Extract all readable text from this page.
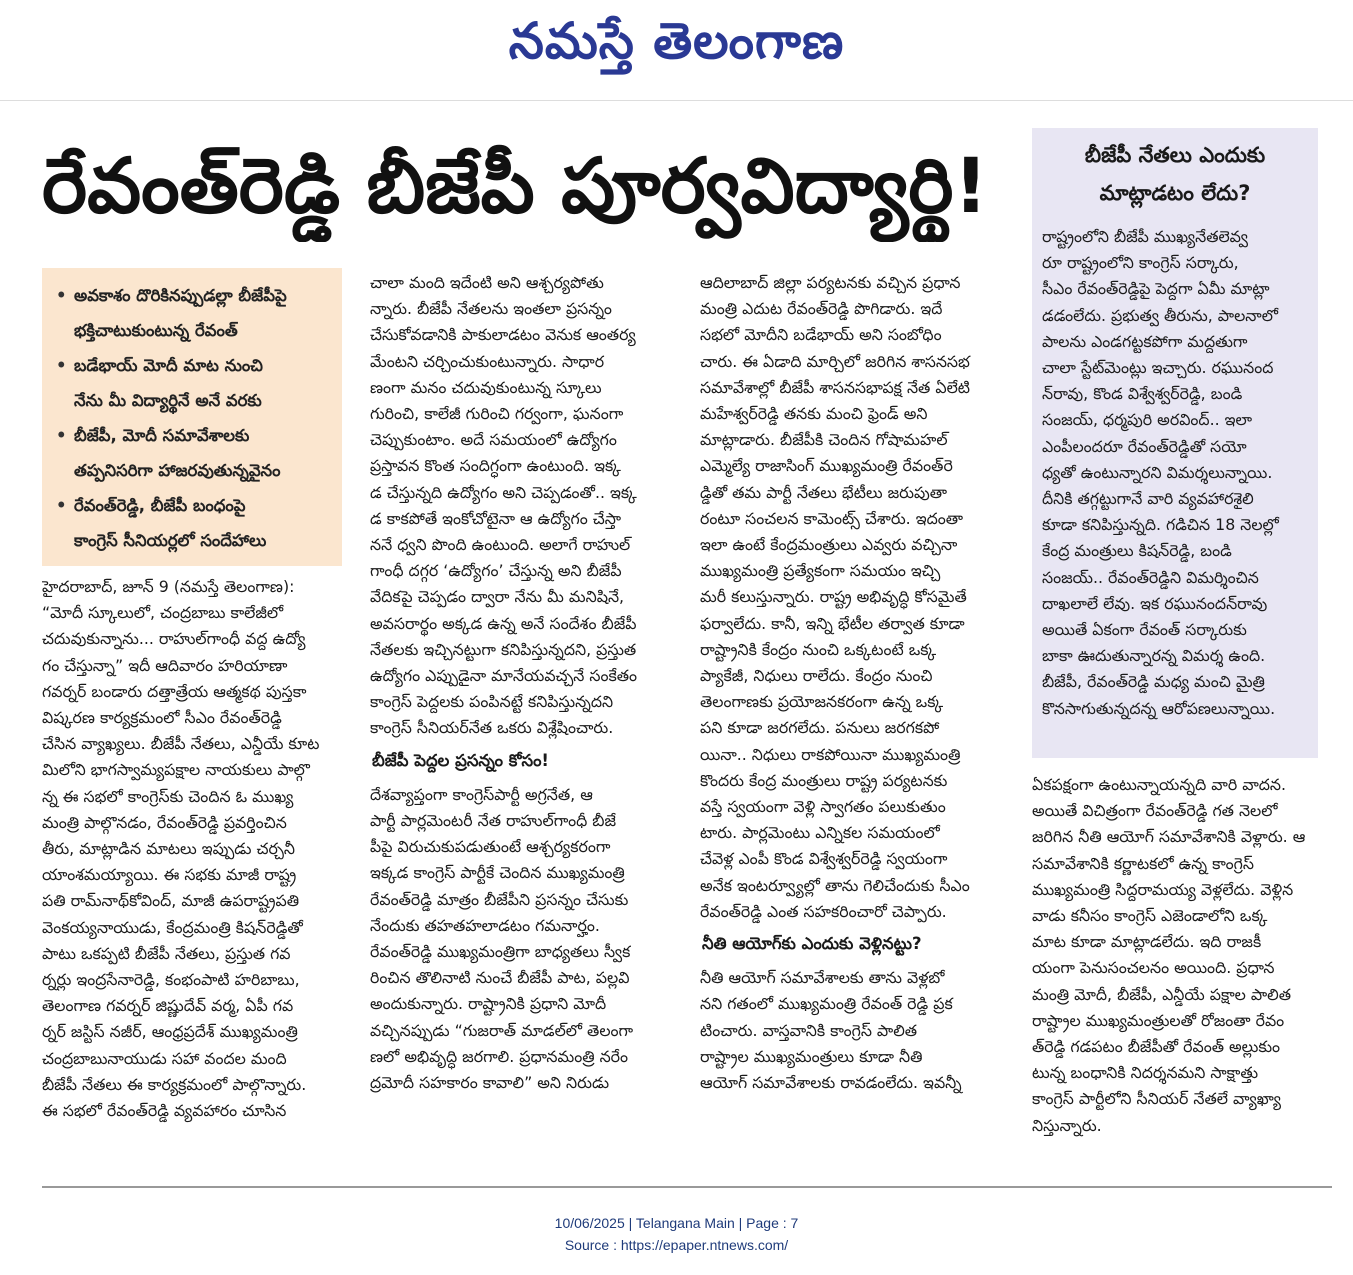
నమస్తే తెలంగాణ
రేవంత్‌రెడ్డి బీజేపీ పూర్వవిద్యార్థి!
• అవకాశం దొరికినప్పుడల్లా బీజేపీపై
భక్తిచాటుకుంటున్న రేవంత్
• బడేభాయ్ మోదీ మాట నుంచి
నేను మీ విద్యార్థినే అనే వరకు
• బీజేపీ, మోదీ సమావేశాలకు
తప్పనిసరిగా హాజరవుతున్నవైనం
• రేవంత్‌రెడ్డి, బీజేపీ బంధంపై
కాంగ్రెస్ సీనియర్లలో సందేహాలు
హైదరాబాద్, జూన్ 9 (నమస్తే తెలంగాణ):
“మోదీ స్కూలులో, చంద్రబాబు కాలేజీలో
చదువుకున్నాను... రాహుల్‌గాంధీ వద్ద ఉద్యో
గం చేస్తున్నా” ఇదీ ఆదివారం హరియాణా
గవర్నర్ బండారు దత్తాత్రేయ ఆత్మకథ పుస్తకా
విష్కరణ కార్యక్రమంలో సీఎం రేవంత్‌రెడ్డి
చేసిన వ్యాఖ్యలు. బీజేపీ నేతలు, ఎన్డీయే కూట
మిలోని భాగస్వామ్యపక్షాల నాయకులు పాల్గొ
న్న ఈ సభలో కాంగ్రెస్‌కు చెందిన ఓ ముఖ్య
మంత్రి పాల్గొనడం, రేవంత్‌రెడ్డి ప్రవర్తించిన
తీరు, మాట్లాడిన మాటలు ఇప్పుడు చర్చనీ
యాంశమయ్యాయి. ఈ సభకు మాజీ రాష్ట్ర
పతి రామ్‌నాథ్‌కోవింద్, మాజీ ఉపరాష్ట్రపతి
వెంకయ్యనాయుడు, కేంద్రమంత్రి కిషన్‌రెడ్డితో
పాటు ఒకప్పటి బీజేపీ నేతలు, ప్రస్తుత గవ
ర్నర్లు ఇంద్రసేనారెడ్డి, కంభంపాటి హరిబాబు,
తెలంగాణ గవర్నర్ జిష్ణుదేవ్ వర్మ, ఏపీ గవ
ర్నర్ జస్టిస్ నజీర్, ఆంధ్రప్రదేశ్ ముఖ్యమంత్రి
చంద్రబాబునాయుడు సహా వందల మంది
బీజేపీ నేతలు ఈ కార్యక్రమంలో పాల్గొన్నారు.
ఈ సభలో రేవంత్‌రెడ్డి వ్యవహారం చూసిన
చాలా మంది ఇదేంటి అని ఆశ్చర్యపోతు
న్నారు. బీజేపీ నేతలను ఇంతలా ప్రసన్నం
చేసుకోవడానికి పాకులాడటం వెనుక ఆంతర్య
మేంటని చర్చించుకుంటున్నారు. సాధార
ణంగా మనం చదువుకుంటున్న స్కూలు
గురించి, కాలేజీ గురించి గర్వంగా, ఘనంగా
చెప్పుకుంటాం. అదే సమయంలో ఉద్యోగం
ప్రస్తావన కొంత సందిగ్ధంగా ఉంటుంది. ఇక్క
డ చేస్తున్నది ఉద్యోగం అని చెప్పడంతో.. ఇక్క
డ కాకపోతే ఇంకోచోటైనా ఆ ఉద్యోగం చేస్తా
ననే ధ్వని పొంది ఉంటుంది. అలాగే రాహుల్
గాంధీ దగ్గర ‘ఉద్యోగం’ చేస్తున్న అని బీజేపీ
వేదికపై చెప్పడం ద్వారా నేను మీ మనిషినే,
అవసరార్థం అక్కడ ఉన్న అనే సందేశం బీజేపీ
నేతలకు ఇచ్చినట్టుగా కనిపిస్తున్నదని, ప్రస్తుత
ఉద్యోగం ఎప్పుడైనా మానేయవచ్చనే సంకేతం
కాంగ్రెస్ పెద్దలకు పంపినట్టే కనిపిస్తున్నదని
కాంగ్రెస్ సీనియర్‌నేత ఒకరు విశ్లేషించారు.
బీజేపీ పెద్దల ప్రసన్నం కోసం!
దేశవ్యాప్తంగా కాంగ్రెస్‌పార్టీ అగ్రనేత, ఆ
పార్టీ పార్లమెంటరీ నేత రాహుల్‌గాంధీ బీజే
పీపై విరుచుకుపడుతుంటే ఆశ్చర్యకరంగా
ఇక్కడ కాంగ్రెస్ పార్టీకే చెందిన ముఖ్యమంత్రి
రేవంత్‌రెడ్డి మాత్రం బీజేపీని ప్రసన్నం చేసుకు
నేందుకు తహతహలాడటం గమనార్హం.
రేవంత్‌రెడ్డి ముఖ్యమంత్రిగా బాధ్యతలు స్వీక
రించిన తొలినాటి నుంచే బీజేపీ పాట, పల్లవి
అందుకున్నారు. రాష్ట్రానికి ప్రధాని మోదీ
వచ్చినప్పుడు “గుజరాత్ మాడల్‌లో తెలంగా
ణలో అభివృద్ధి జరగాలి. ప్రధానమంత్రి నరేం
ద్రమోదీ సహకారం కావాలి” అని నిరుడు
ఆదిలాబాద్ జిల్లా పర్యటనకు వచ్చిన ప్రధాన
మంత్రి ఎదుట రేవంత్‌రెడ్డి పొగిడారు. ఇదే
సభలో మోదీని బడేభాయ్ అని సంబోధిం
చారు. ఈ ఏడాది మార్చిలో జరిగిన శాసనసభ
సమావేశాల్లో బీజేపీ శాసనసభాపక్ష నేత ఏలేటి
మహేశ్వర్‌రెడ్డి తనకు మంచి ఫ్రెండ్ అని
మాట్లాడారు. బీజేపీకి చెందిన గోషామహల్
ఎమ్మెల్యే రాజాసింగ్ ముఖ్యమంత్రి రేవంత్‌రె
డ్డితో తమ పార్టీ నేతలు భేటీలు జరుపుతా
రంటూ సంచలన కామెంట్స్ చేశారు. ఇదంతా
ఇలా ఉంటే కేంద్రమంత్రులు ఎవ్వరు వచ్చినా
ముఖ్యమంత్రి ప్రత్యేకంగా సమయం ఇచ్చి
మరీ కలుస్తున్నారు. రాష్ట్ర అభివృద్ధి కోసమైతే
ఫర్వాలేదు. కానీ, ఇన్ని భేటీల తర్వాత కూడా
రాష్ట్రానికి కేంద్రం నుంచి ఒక్కటంటే ఒక్క
ప్యాకేజీ, నిధులు రాలేదు. కేంద్రం నుంచి
తెలంగాణకు ప్రయోజనకరంగా ఉన్న ఒక్క
పని కూడా జరగలేదు. పనులు జరగకపో
యినా.. నిధులు రాకపోయినా ముఖ్యమంత్రి
కొందరు కేంద్ర మంత్రులు రాష్ట్ర పర్యటనకు
వస్తే స్వయంగా వెళ్లి స్వాగతం పలుకుతుం
టారు. పార్లమెంటు ఎన్నికల సమయంలో
చేవెళ్ల ఎంపీ కొండ విశ్వేశ్వర్‌రెడ్డి స్వయంగా
అనేక ఇంటర్వ్యూల్లో తాను గెలిచేందుకు సీఎం
రేవంత్‌రెడ్డి ఎంత సహకరించారో చెప్పారు.
నీతి ఆయోగ్‌కు ఎందుకు వెళ్లినట్టు?
నీతి ఆయోగ్ సమావేశాలకు తాను వెళ్లబో
నని గతంలో ముఖ్యమంత్రి రేవంత్ రెడ్డి ప్రక
టించారు. వాస్తవానికి కాంగ్రెస్ పాలిత
రాష్ట్రాల ముఖ్యమంత్రులు కూడా నీతి
ఆయోగ్ సమావేశాలకు రావడంలేదు. ఇవన్నీ
బీజేపీ నేతలు ఎందుకు
మాట్లాడటం లేదు?
రాష్ట్రంలోని బీజేపీ ముఖ్యనేతలెవ్వ
రూ రాష్ట్రంలోని కాంగ్రెస్ సర్కారు,
సీఎం రేవంత్‌రెడ్డిపై పెద్దగా ఏమీ మాట్లా
డడంలేదు. ప్రభుత్వ తీరును, పాలనాలో
పాలను ఎండగట్టకపోగా మద్దతుగా
చాలా స్టేట్‌మెంట్లు ఇచ్చారు. రఘునంద
న్‌రావు, కొండ విశ్వేశ్వర్‌రెడ్డి, బండి
సంజయ్, ధర్మపురి అరవింద్.. ఇలా
ఎంపీలందరూ రేవంత్‌రెడ్డితో సయో
ధ్యతో ఉంటున్నారని విమర్శలున్నాయి.
దీనికి తగ్గట్టుగానే వారి వ్యవహారశైలి
కూడా కనిపిస్తున్నది. గడిచిన 18 నెలల్లో
కేంద్ర మంత్రులు కిషన్‌రెడ్డి, బండి
సంజయ్.. రేవంత్‌రెడ్డిని విమర్శించిన
దాఖలాలే లేవు. ఇక రఘునందన్‌రావు
అయితే ఏకంగా రేవంత్ సర్కారుకు
బాకా ఊదుతున్నారన్న విమర్శ ఉంది.
బీజేపీ, రేవంత్‌రెడ్డి మధ్య మంచి మైత్రి
కొనసాగుతున్నదన్న ఆరోపణలున్నాయి.
ఏకపక్షంగా ఉంటున్నాయన్నది వారి వాదన.
అయితే విచిత్రంగా రేవంత్‌రెడ్డి గత నెలలో
జరిగిన నీతి ఆయోగ్ సమావేశానికి వెళ్లారు. ఆ
సమావేశానికి కర్ణాటకలో ఉన్న కాంగ్రెస్
ముఖ్యమంత్రి సిద్దరామయ్య వెళ్లలేదు. వెళ్లిన
వాడు కనీసం కాంగ్రెస్ ఎజెండాలోని ఒక్క
మాట కూడా మాట్లాడలేదు. ఇది రాజకీ
యంగా పెనుసంచలనం అయింది. ప్రధాన
మంత్రి మోదీ, బీజేపీ, ఎన్డీయే పక్షాల పాలిత
రాష్ట్రాల ముఖ్యమంత్రులతో రోజంతా రేవం
త్‌రెడ్డి గడపటం బీజేపీతో రేవంత్ అల్లుకుం
టున్న బంధానికి నిదర్శనమని సాక్షాత్తు
కాంగ్రెస్ పార్టీలోని సీనియర్ నేతలే వ్యాఖ్యా
నిస్తున్నారు.
10/06/2025 | Telangana Main | Page : 7
Source : https://epaper.ntnews.com/
